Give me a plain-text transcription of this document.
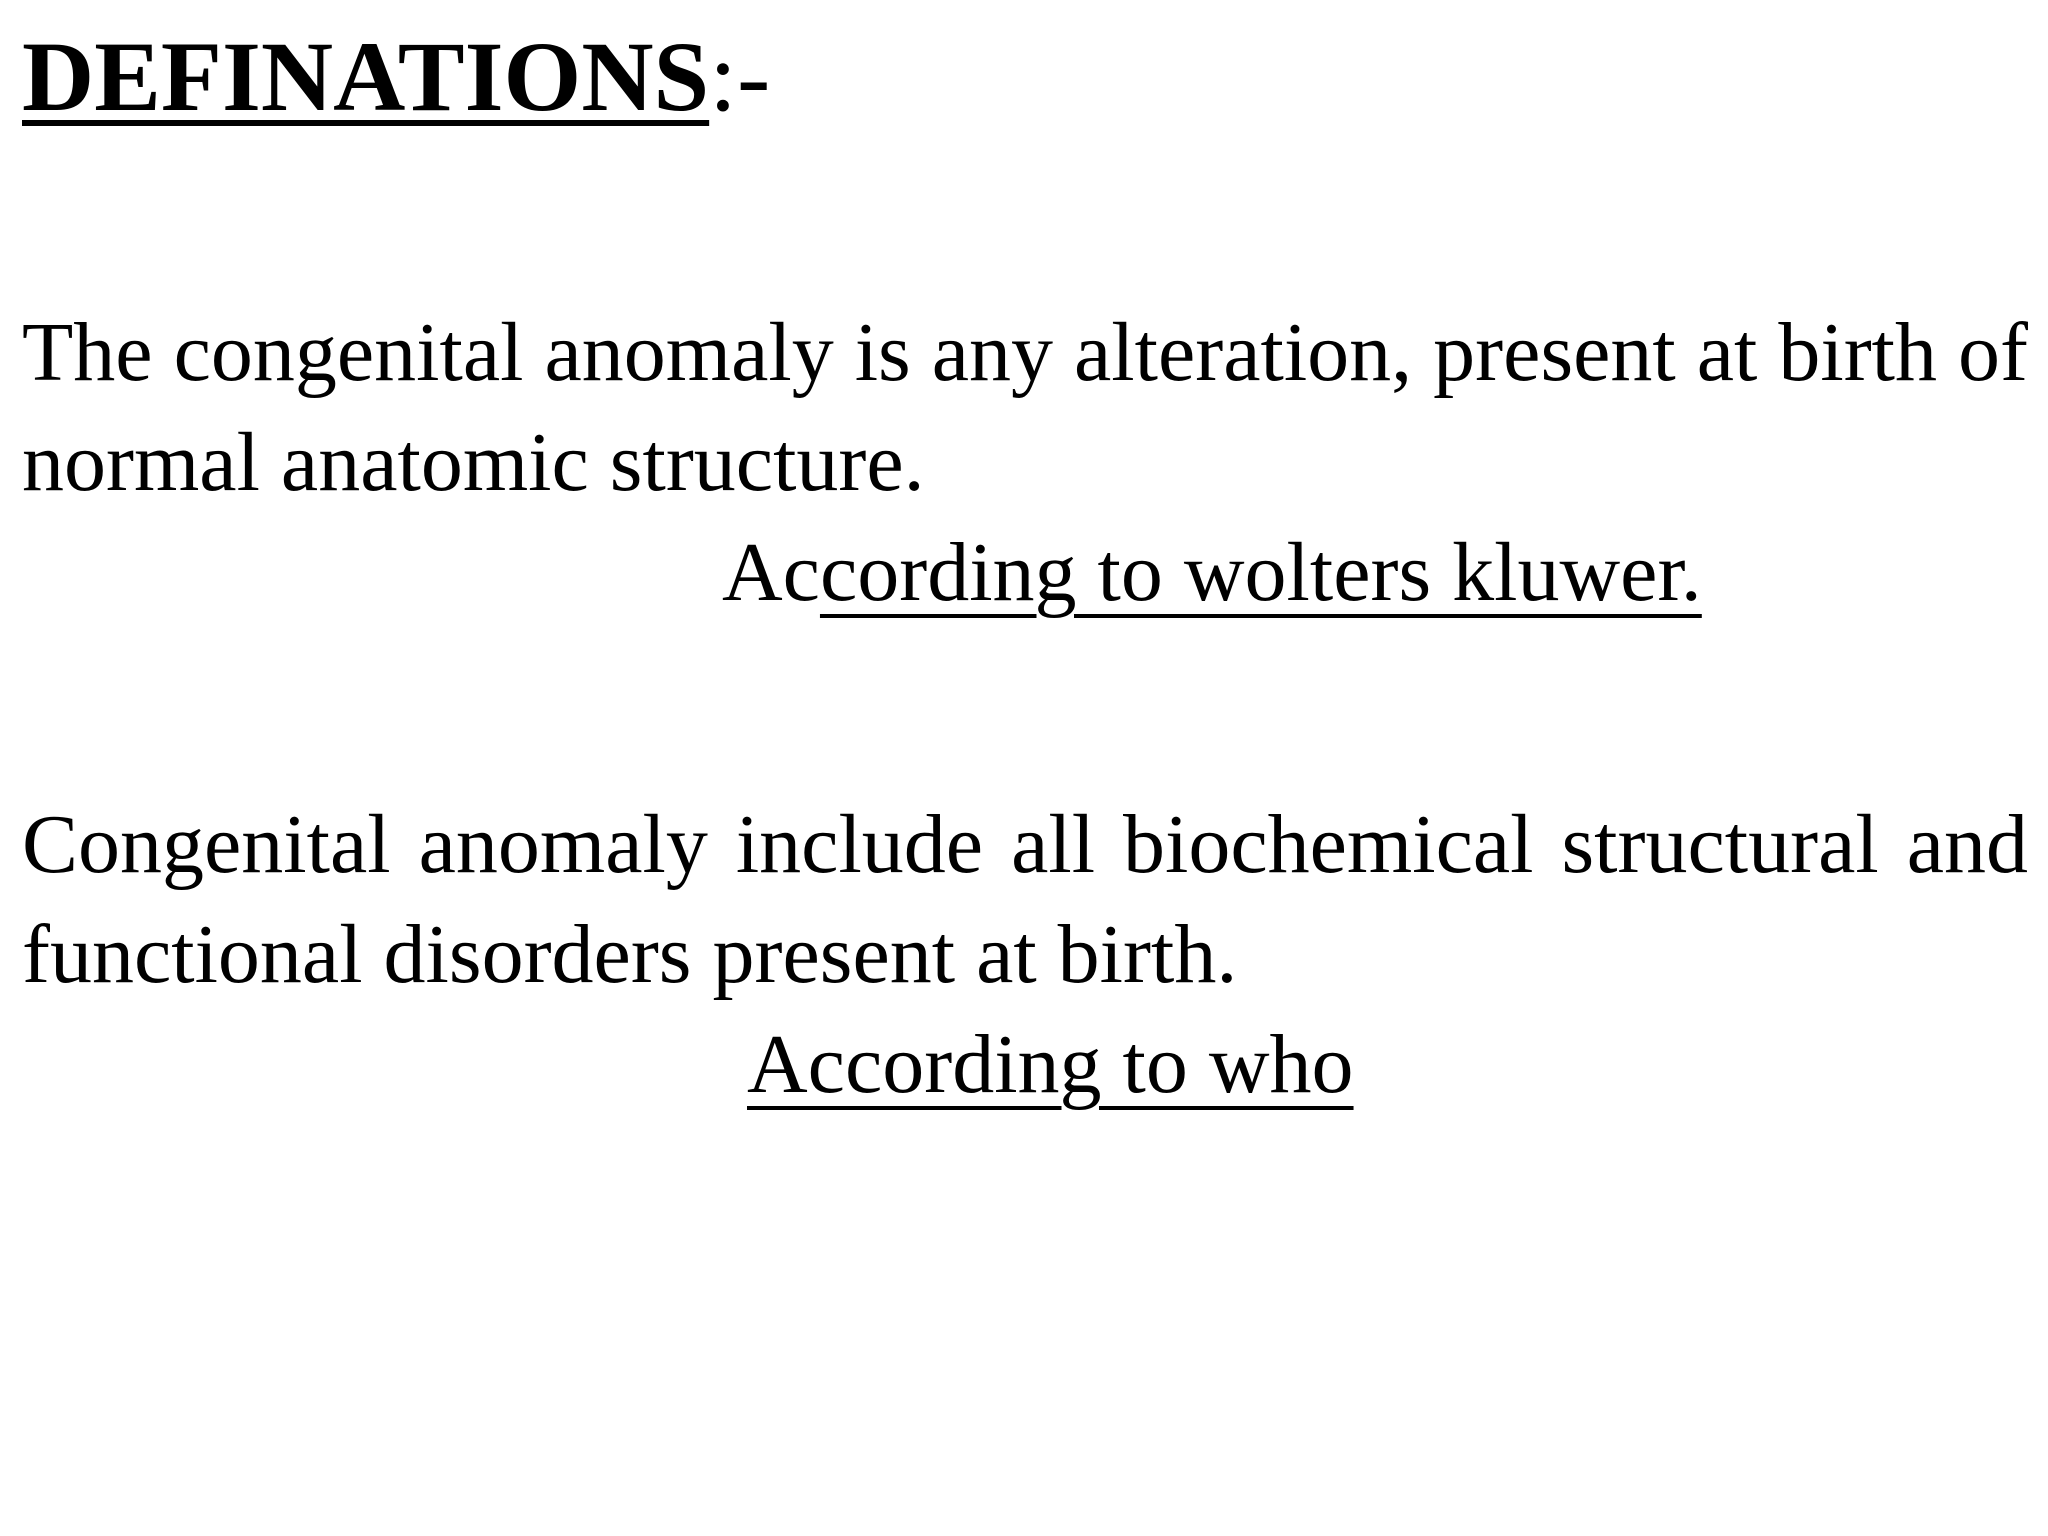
DEFINATIONS:-

The congenital anomaly is any alteration, present at birth of normal anatomic structure.

According to wolters kluwer.

Congenital anomaly include all biochemical structural and functional disorders present at birth.

According to who
